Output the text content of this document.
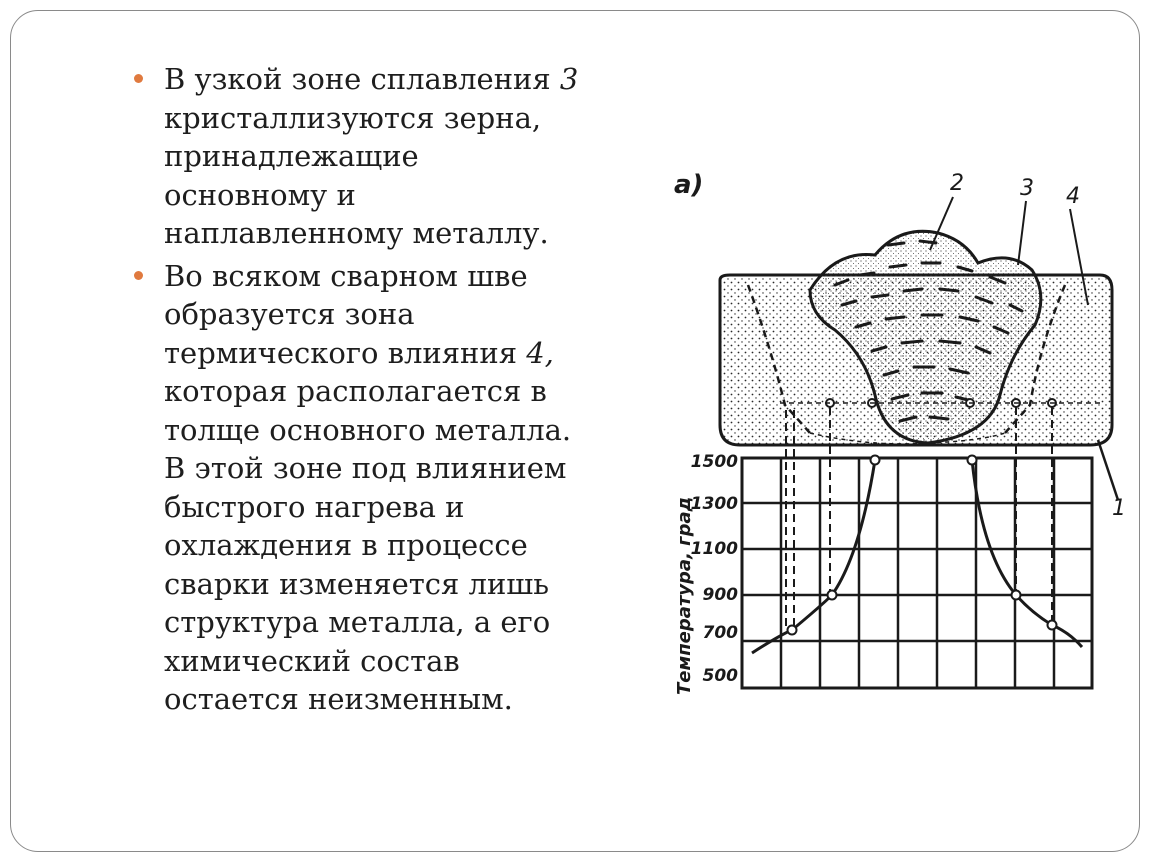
В узкой зоне сплавления 3
кристаллизуются зерна,
принадлежащие
основному и
наплавленному металлу.
Во всяком сварном шве
образуется зона
термического влияния 4,
которая располагается в
толще основного металла.
В этой зоне под влиянием
быстрого нагрева и
охлаждения в процессе
сварки изменяется лишь
структура металла, а его
химический состав
остается неизменным.
а)	2	3 4
1
1500
1300
1100
900
700
500
Температура, град
